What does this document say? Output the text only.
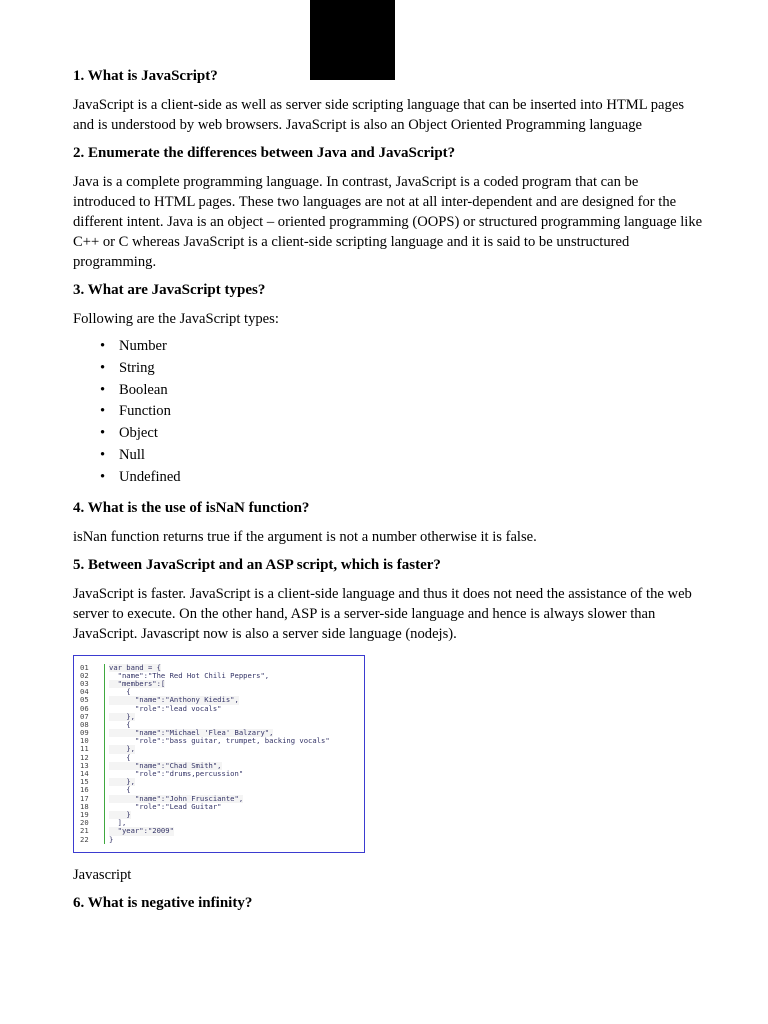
1. What is JavaScript?

JavaScript is a client-side as well as server side scripting language that can be inserted into HTML pages and is understood by web browsers. JavaScript is also an Object Oriented Programming language

2. Enumerate the differences between Java and JavaScript?

Java is a complete programming language. In contrast, JavaScript is a coded program that can be introduced to HTML pages. These two languages are not at all inter-dependent and are designed for the different intent. Java is an object – oriented programming (OOPS) or structured programming language like C++ or C whereas JavaScript is a client-side scripting language and it is said to be unstructured programming.

3. What are JavaScript types?

Following are the JavaScript types:

• Number
• String
• Boolean
• Function
• Object
• Null
• Undefined

4. What is the use of isNaN function?

isNan function returns true if the argument is not a number otherwise it is false.

5. Between JavaScript and an ASP script, which is faster?

JavaScript is faster. JavaScript is a client-side language and thus it does not need the assistance of the web server to execute. On the other hand, ASP is a server-side language and hence is always slower than JavaScript. Javascript now is also a server side language (nodejs).

01	var band = {
02	"name":"The Red Hot Chili Peppers",
03	"members":[
04	{
05	"name":"Anthony Kiedis",
06	"role":"lead vocals"
07	},
08	{
09	"name":"Michael 'Flea' Balzary",
10	"role":"bass guitar, trumpet, backing vocals"
11	},
12	{
13	"name":"Chad Smith",
14	"role":"drums,percussion"
15	},
16	{
17	"name":"John Frusciante",
18	"role":"Lead Guitar"
19	}
20	],
21	"year":"2009"
22	}

Javascript

6. What is negative infinity?
